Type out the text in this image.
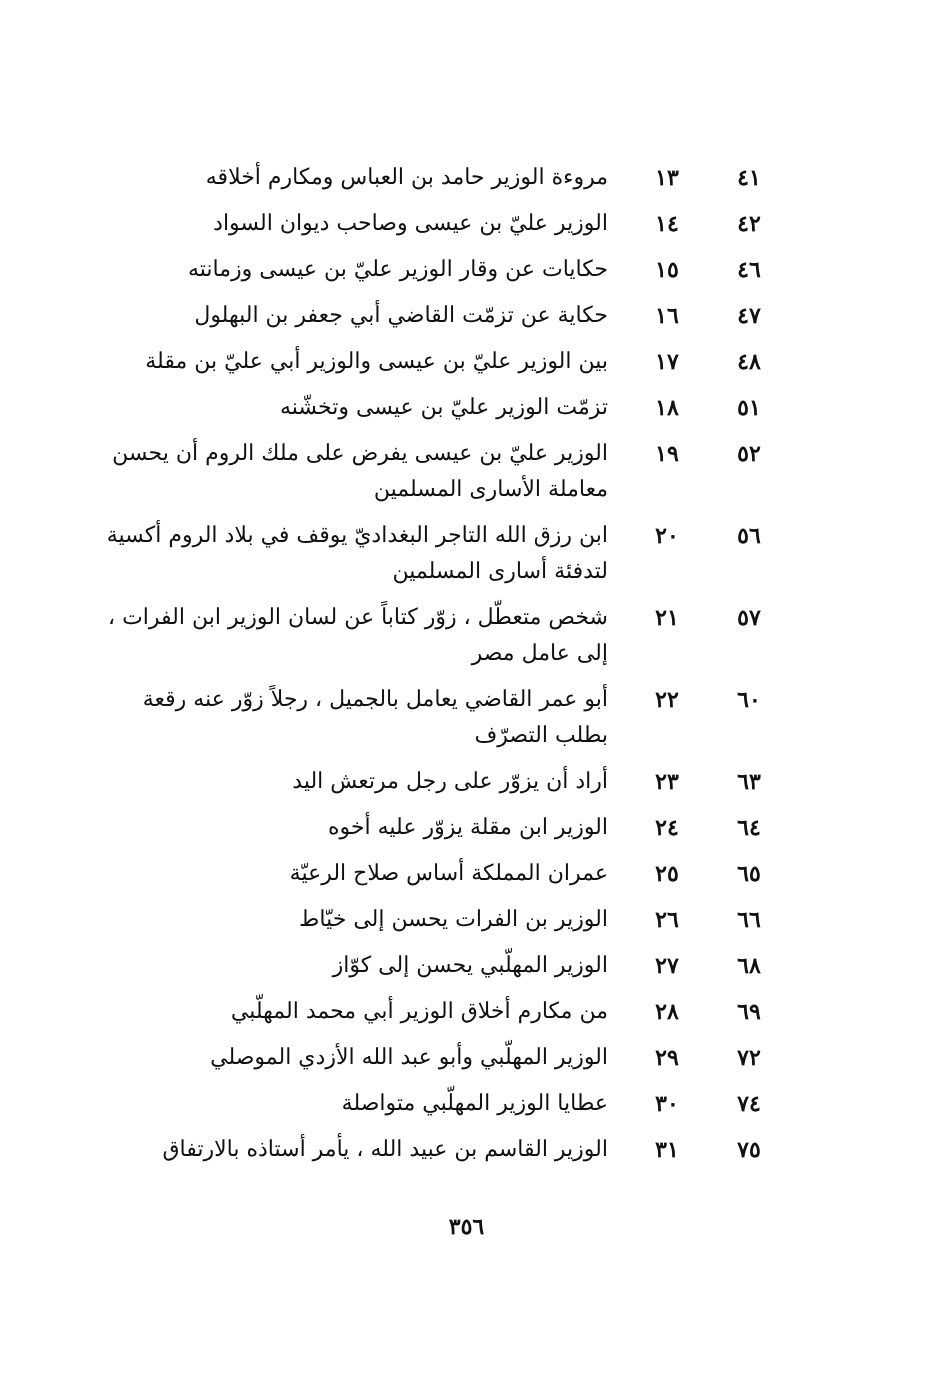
٤١
١٣
مروءة الوزير حامد بن العباس ومكارم أخلاقه
٤٢
١٤
الوزير عليّ بن عيسى وصاحب ديوان السواد
٤٦
١٥
حكايات عن وقار الوزير عليّ بن عيسى وزمانته
٤٧
١٦
حكاية عن تزمّت القاضي أبي جعفر بن البهلول
٤٨
١٧
بين الوزير عليّ بن عيسى والوزير أبي عليّ بن مقلة
٥١
١٨
تزمّت الوزير عليّ بن عيسى وتخشّنه
٥٢
١٩
الوزير عليّ بن عيسى يفرض على ملك الروم أن يحسن
معاملة الأسارى المسلمين
٥٦
٢٠
ابن رزق الله التاجر البغداديّ يوقف في بلاد الروم أكسية
لتدفئة أسارى المسلمين
٥٧
٢١
شخص متعطّل ، زوّر كتاباً عن لسان الوزير ابن الفرات ،
إلى عامل مصر
٦٠
٢٢
أبو عمر القاضي يعامل بالجميل ، رجلاً زوّر عنه رقعة
بطلب التصرّف
٦٣
٢٣
أراد أن يزوّر على رجل مرتعش اليد
٦٤
٢٤
الوزير ابن مقلة يزوّر عليه أخوه
٦٥
٢٥
عمران المملكة أساس صلاح الرعيّة
٦٦
٢٦
الوزير بن الفرات يحسن إلى خيّاط
٦٨
٢٧
الوزير المهلّبي يحسن إلى كوّاز
٦٩
٢٨
من مكارم أخلاق الوزير أبي محمد المهلّبي
٧٢
٢٩
الوزير المهلّبي وأبو عبد الله الأزدي الموصلي
٧٤
٣٠
عطايا الوزير المهلّبي متواصلة
٧٥
٣١
الوزير القاسم بن عبيد الله ، يأمر أستاذه بالارتفاق
٣٥٦
